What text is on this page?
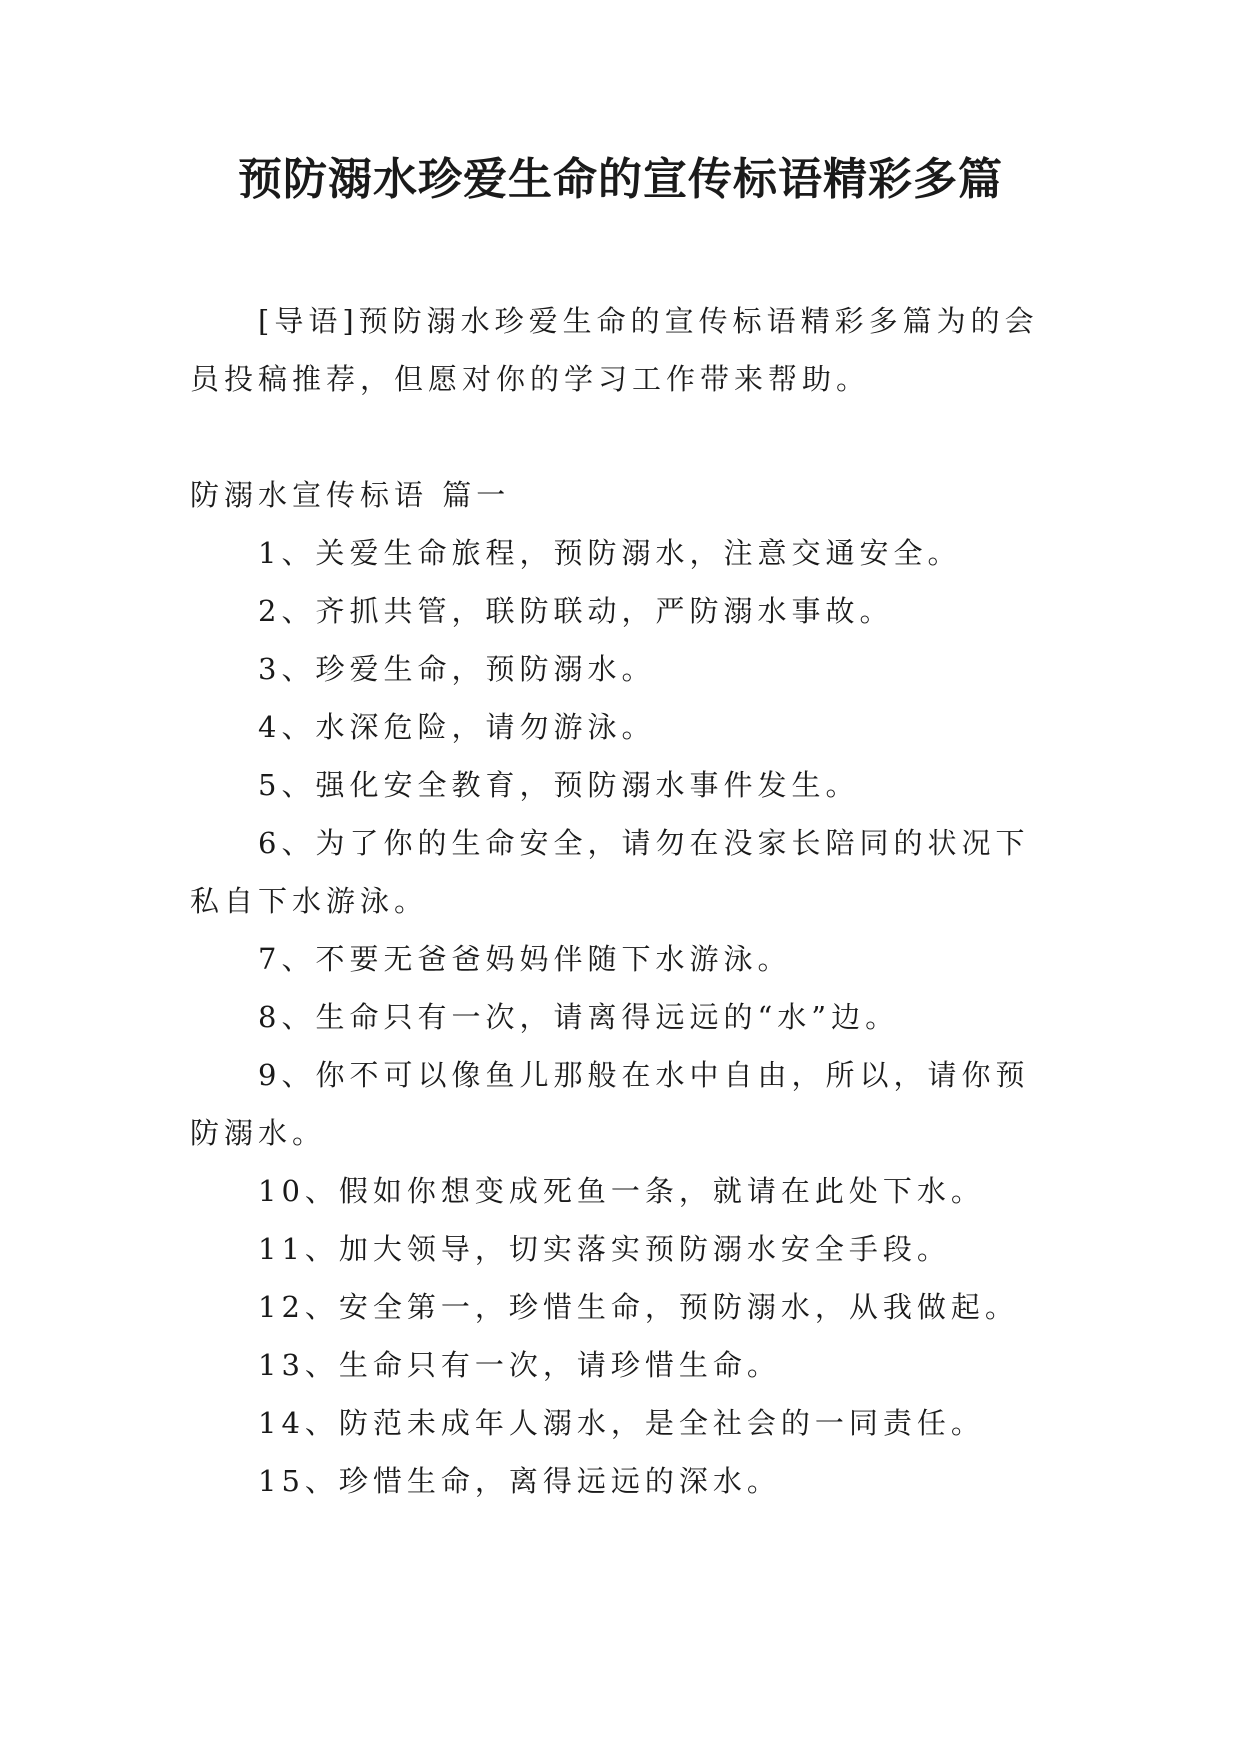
预防溺水珍爱生命的宣传标语精彩多篇

[导语]预防溺水珍爱生命的宣传标语精彩多篇为的会员投稿推荐，但愿对你的学习工作带来帮助。

防溺水宣传标语 篇一

1、关爱生命旅程，预防溺水，注意交通安全。

2、齐抓共管，联防联动，严防溺水事故。

3、珍爱生命，预防溺水。

4、水深危险，请勿游泳。

5、强化安全教育，预防溺水事件发生。

6、为了你的生命安全，请勿在没家长陪同的状况下私自下水游泳。

7、不要无爸爸妈妈伴随下水游泳。

8、生命只有一次，请离得远远的“水”边。

9、你不可以像鱼儿那般在水中自由，所以，请你预防溺水。

10、假如你想变成死鱼一条，就请在此处下水。

11、加大领导，切实落实预防溺水安全手段。

12、安全第一，珍惜生命，预防溺水，从我做起。

13、生命只有一次，请珍惜生命。

14、防范未成年人溺水，是全社会的一同责任。

15、珍惜生命，离得远远的深水。
